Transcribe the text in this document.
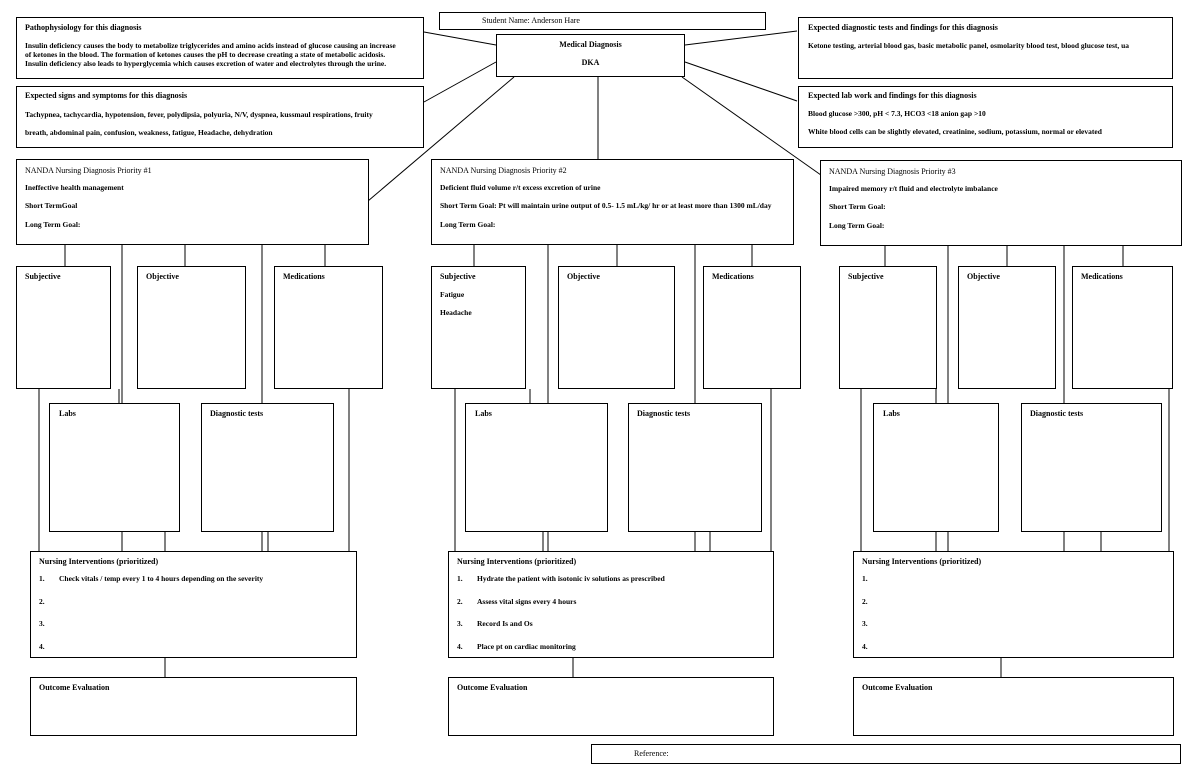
Student Name: Anderson Hare
Medical Diagnosis
DKA
Pathophysiology for this diagnosis
Insulin deficiency causes the body to metabolize triglycerides and amino acids instead of glucose causing an increase
of ketones in the blood. The formation of ketones causes the pH to decrease creating a state of metabolic acidosis.
Insulin deficiency also leads to hyperglycemia which causes excretion of water and electrolytes through the urine.
Expected signs and symptoms for this diagnosis
Tachypnea, tachycardia, hypotension, fever, polydipsia, polyuria, N/V, dyspnea, kussmaul respirations, fruity
breath, abdominal pain, confusion, weakness, fatigue, Headache, dehydration
Expected diagnostic tests and findings for this diagnosis
Ketone testing, arterial blood gas, basic metabolic panel, osmolarity blood test, blood glucose test, ua
Expected lab work and findings for this diagnosis
Blood glucose >300, pH < 7.3, HCO3 <18 anion gap >10
White blood cells can be slightly elevated, creatinine, sodium, potassium, normal or elevated
NANDA Nursing Diagnosis Priority #1
Ineffective health management
Short TermGoal
Long Term Goal:
Subjective	Objective	Medications
Labs	Diagnostic tests
Nursing Interventions (prioritized)
1. Check vitals / temp every 1 to 4 hours depending on the severity
2.
3.
4.
Outcome Evaluation
NANDA Nursing Diagnosis Priority #2
Deficient fluid volume r/t excess excretion of urine
Short Term Goal: Pt will maintain urine output of 0.5- 1.5 mL/kg/ hr or at least more than 1300 mL/day
Long Term Goal:
Subjective
Fatigue
Headache
Objective	Medications
Labs	Diagnostic tests
Nursing Interventions (prioritized)
1. Hydrate the patient with isotonic iv solutions as prescribed
2. Assess vital signs every 4 hours
3. Record Is and Os
4. Place pt on cardiac monitoring
Outcome Evaluation
NANDA Nursing Diagnosis Priority #3
Impaired memory r/t fluid and electrolyte imbalance
Short Term Goal:
Long Term Goal:
Subjective	Objective	Medications
Labs	Diagnostic tests
Nursing Interventions (prioritized)
1.
2.
3.
4.
Outcome Evaluation
Reference:
